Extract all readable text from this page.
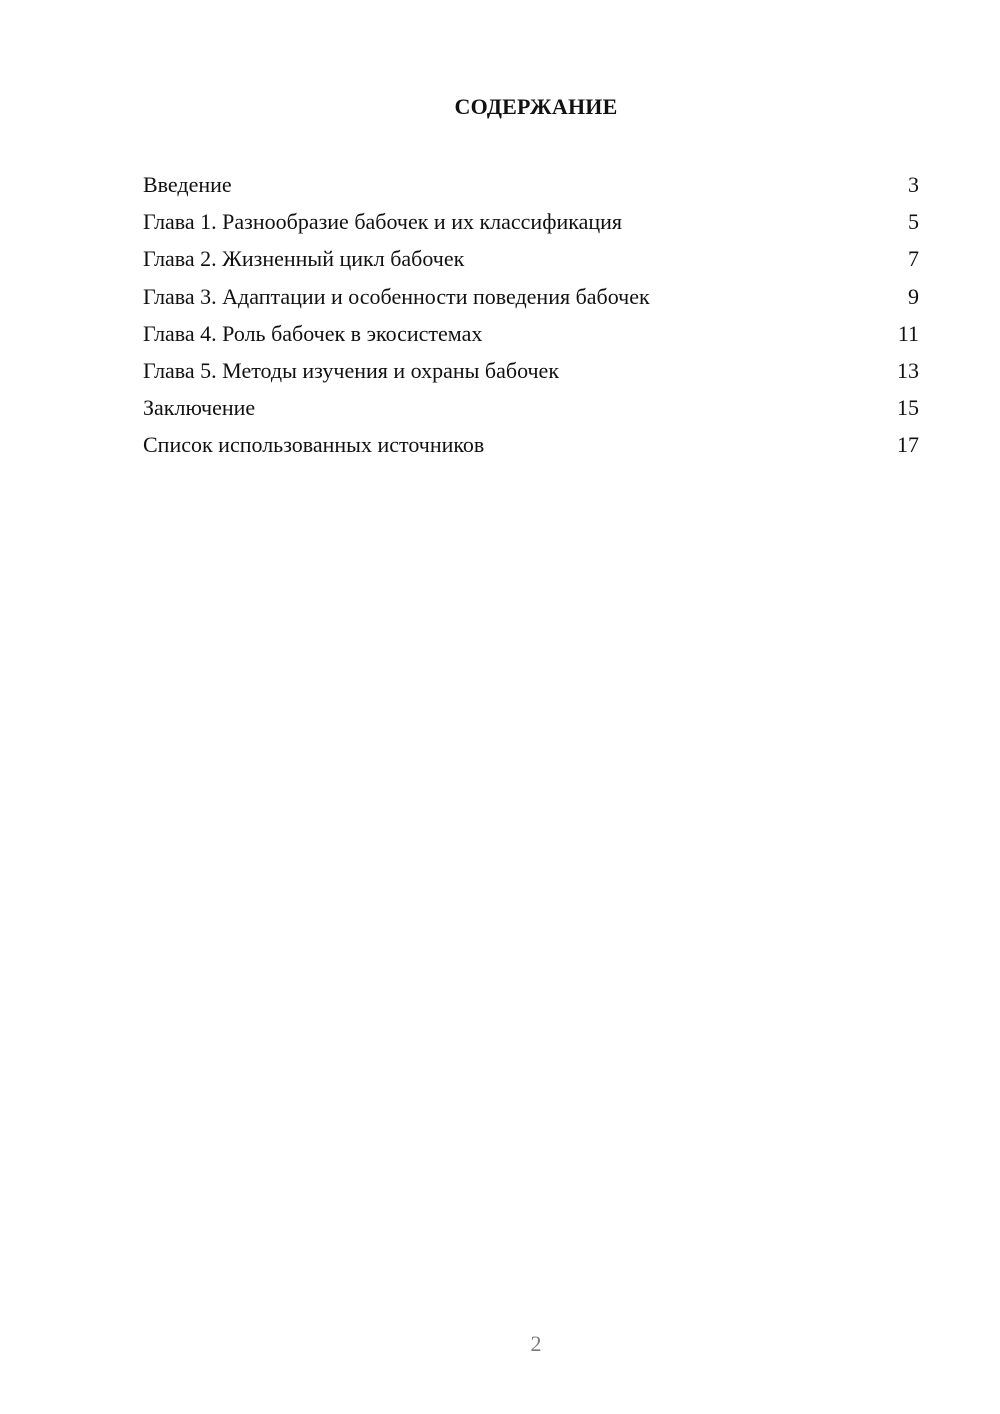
СОДЕРЖАНИЕ
Введение	3
Глава 1. Разнообразие бабочек и их классификация	5
Глава 2. Жизненный цикл бабочек	7
Глава 3. Адаптации и особенности поведения бабочек	9
Глава 4. Роль бабочек в экосистемах	11
Глава 5. Методы изучения и охраны бабочек	13
Заключение	15
Список использованных источников	17
2
